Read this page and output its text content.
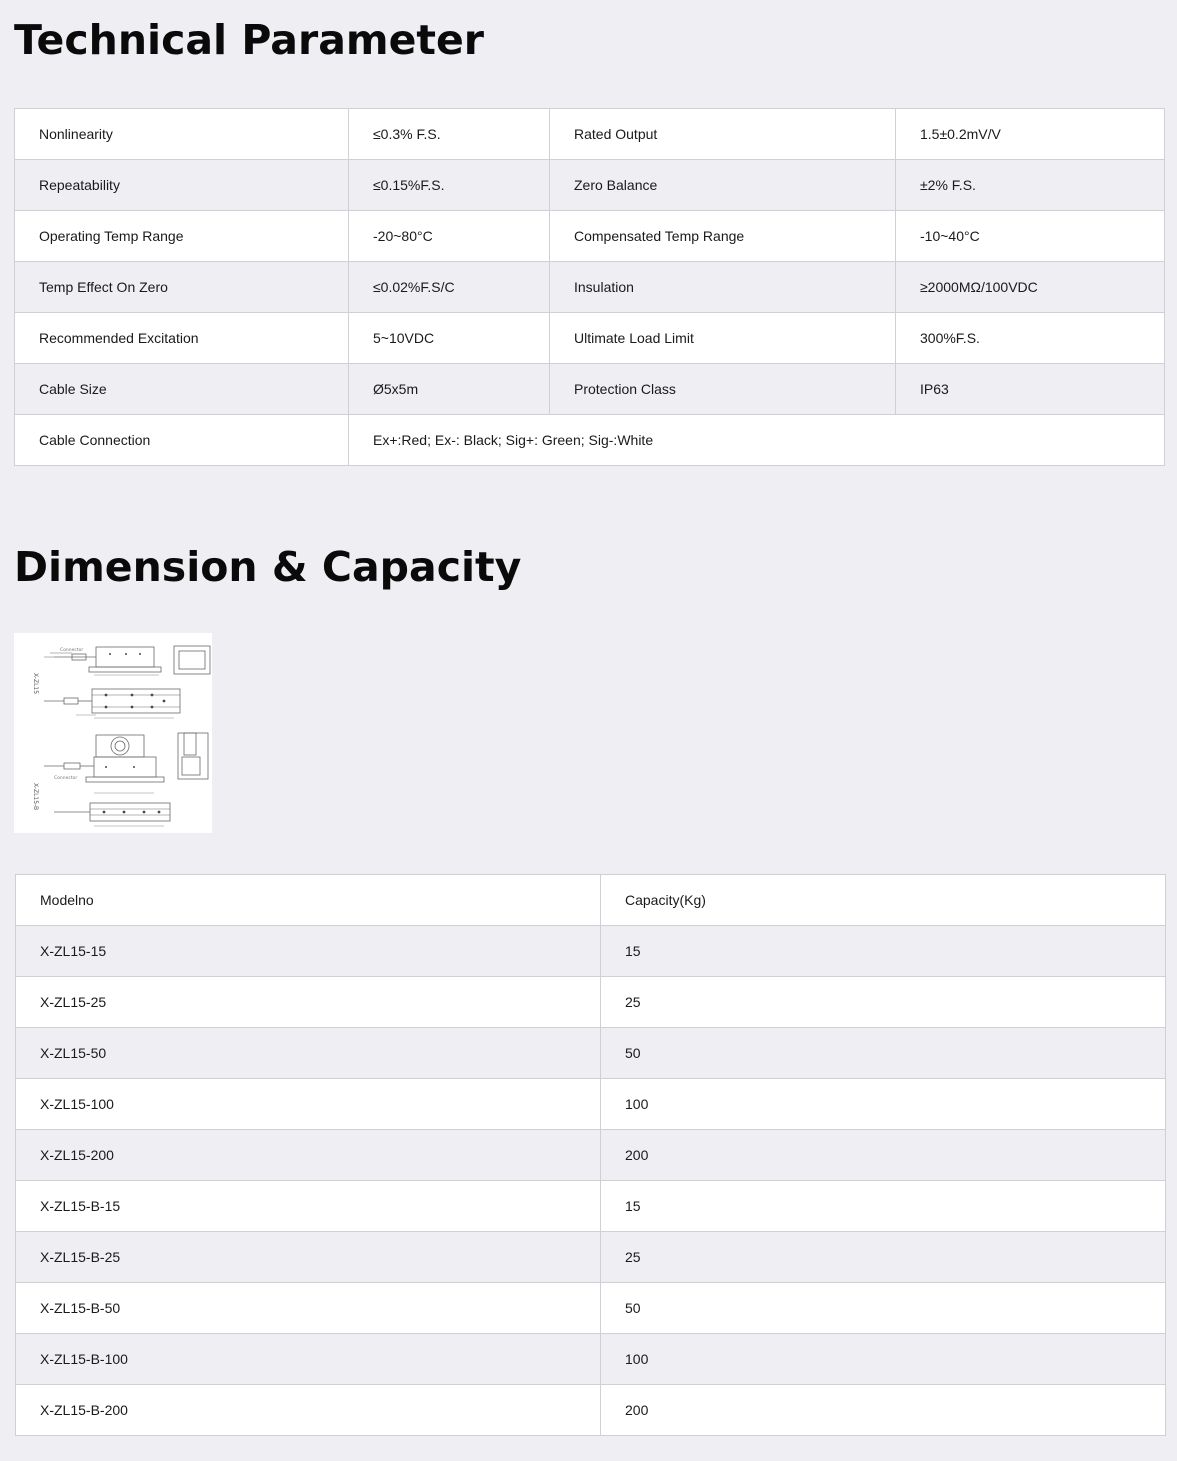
Technical Parameter
Nonlinearity	≤0.3% F.S.	Rated Output	1.5±0.2mV/V
Repeatability	≤0.15%F.S.	Zero Balance	±2% F.S.
Operating Temp Range	-20~80°C	Compensated Temp Range	-10~40°C
Temp Effect On Zero	≤0.02%F.S/C	Insulation	≥2000MΩ/100VDC
Recommended Excitation	5~10VDC	Ultimate Load Limit	300%F.S.
Cable Size	Ø5x5m	Protection Class	IP63
Cable Connection	Ex+:Red; Ex-: Black; Sig+: Green; Sig-:White		
Dimension & Capacity
X-ZL15
X-ZL15-B
Connector
Connector
Modelno	Capacity(Kg)
X-ZL15-15	15
X-ZL15-25	25
X-ZL15-50	50
X-ZL15-100	100
X-ZL15-200	200
X-ZL15-B-15	15
X-ZL15-B-25	25
X-ZL15-B-50	50
X-ZL15-B-100	100
X-ZL15-B-200	200
